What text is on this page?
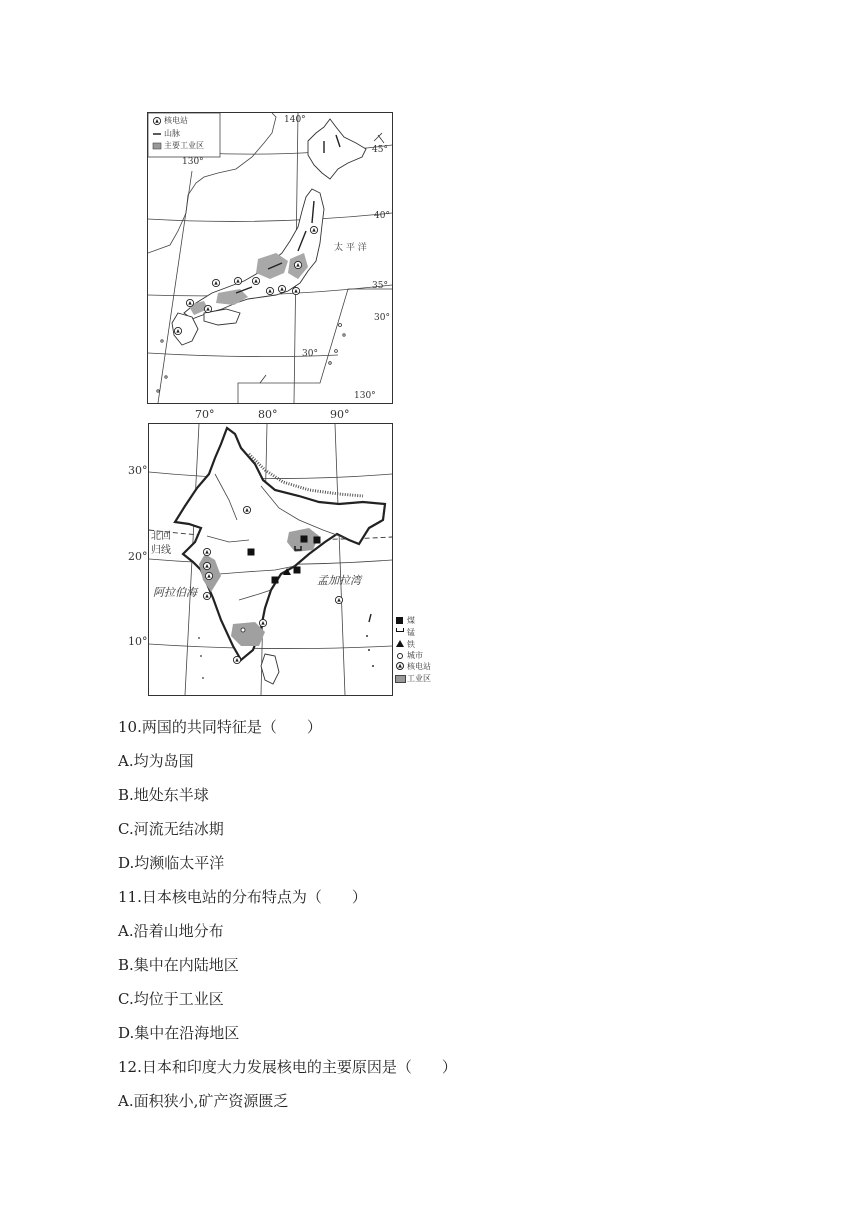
核电站
山脉
主要工业区
140°
130°
130°
45°
40°
35°
30°
30°
太 平 洋
70°	80°	90°
30°
20°
10°
北回
归线
阿拉伯海
孟加拉湾
煤
锰
铁
城市
▲ 核电站
工业区
10.两国的共同特征是（　　）
A.均为岛国
B.地处东半球
C.河流无结冰期
D.均濒临太平洋
11.日本核电站的分布特点为（　　）
A.沿着山地分布
B.集中在内陆地区
C.均位于工业区
D.集中在沿海地区
12.日本和印度大力发展核电的主要原因是（　　）
A.面积狭小,矿产资源匮乏
